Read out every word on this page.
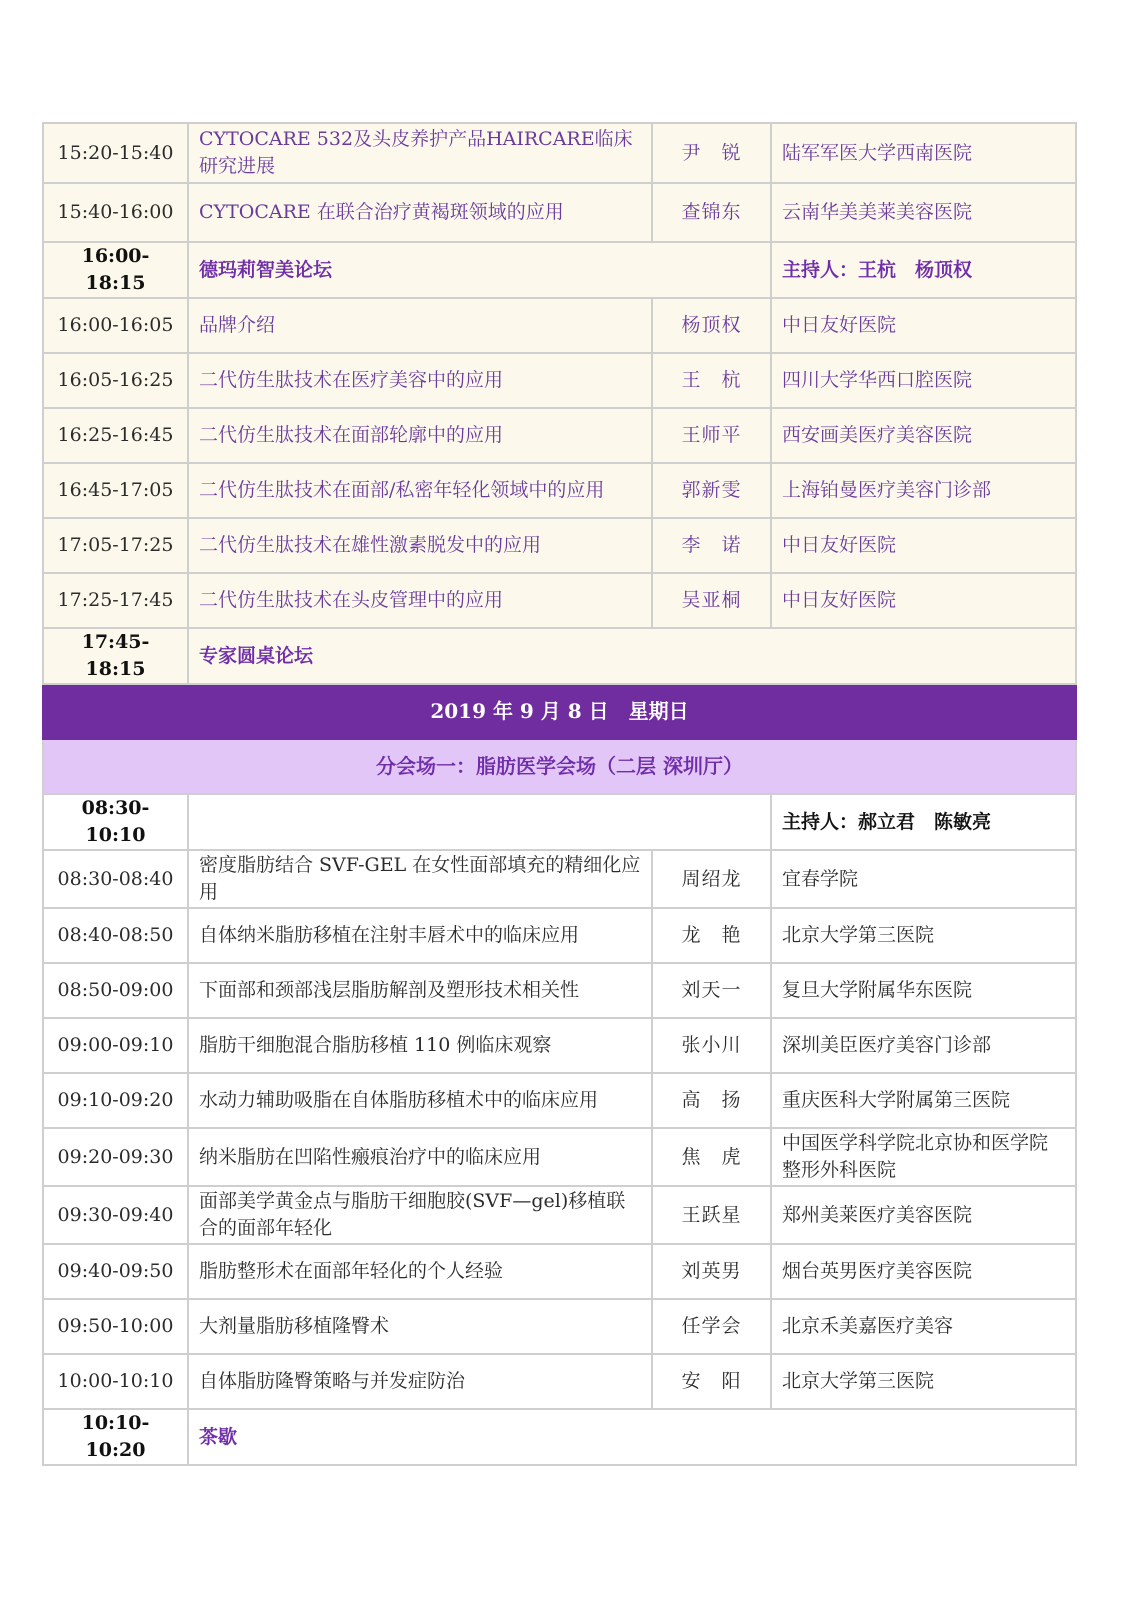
15:20-15:40	CYTOCARE 532及头皮养护产品HAIRCARE临床研究进展	尹　锐	陆军军医大学西南医院
15:40-16:00	CYTOCARE 在联合治疗黄褐斑领域的应用	查锦东	云南华美美莱美容医院
16:00-18:15	德玛莉智美论坛		主持人：王杭　杨顶权
16:00-16:05	品牌介绍	杨顶权	中日友好医院
16:05-16:25	二代仿生肽技术在医疗美容中的应用	王　杭	四川大学华西口腔医院
16:25-16:45	二代仿生肽技术在面部轮廓中的应用	王师平	西安画美医疗美容医院
16:45-17:05	二代仿生肽技术在面部/私密年轻化领域中的应用	郭新雯	上海铂曼医疗美容门诊部
17:05-17:25	二代仿生肽技术在雄性激素脱发中的应用	李　诺	中日友好医院
17:25-17:45	二代仿生肽技术在头皮管理中的应用	吴亚桐	中日友好医院
17:45-18:15	专家圆桌论坛		
2019 年 9 月 8 日　星期日			
分会场一：脂肪医学会场（二层 深圳厅）			
08:30-10:10			主持人：郝立君　陈敏亮
08:30-08:40	密度脂肪结合 SVF-GEL 在女性面部填充的精细化应用	周绍龙	宜春学院
08:40-08:50	自体纳米脂肪移植在注射丰唇术中的临床应用	龙　艳	北京大学第三医院
08:50-09:00	下面部和颈部浅层脂肪解剖及塑形技术相关性	刘天一	复旦大学附属华东医院
09:00-09:10	脂肪干细胞混合脂肪移植 110 例临床观察	张小川	深圳美臣医疗美容门诊部
09:10-09:20	水动力辅助吸脂在自体脂肪移植术中的临床应用	高　扬	重庆医科大学附属第三医院
09:20-09:30	纳米脂肪在凹陷性瘢痕治疗中的临床应用	焦　虎	中国医学科学院北京协和医学院整形外科医院
09:30-09:40	面部美学黄金点与脂肪干细胞胶(SVF—gel)移植联合的面部年轻化	王跃星	郑州美莱医疗美容医院
09:40-09:50	脂肪整形术在面部年轻化的个人经验	刘英男	烟台英男医疗美容医院
09:50-10:00	大剂量脂肪移植隆臀术	任学会	北京禾美嘉医疗美容
10:00-10:10	自体脂肪隆臀策略与并发症防治	安　阳	北京大学第三医院
10:10-10:20	茶歇		
